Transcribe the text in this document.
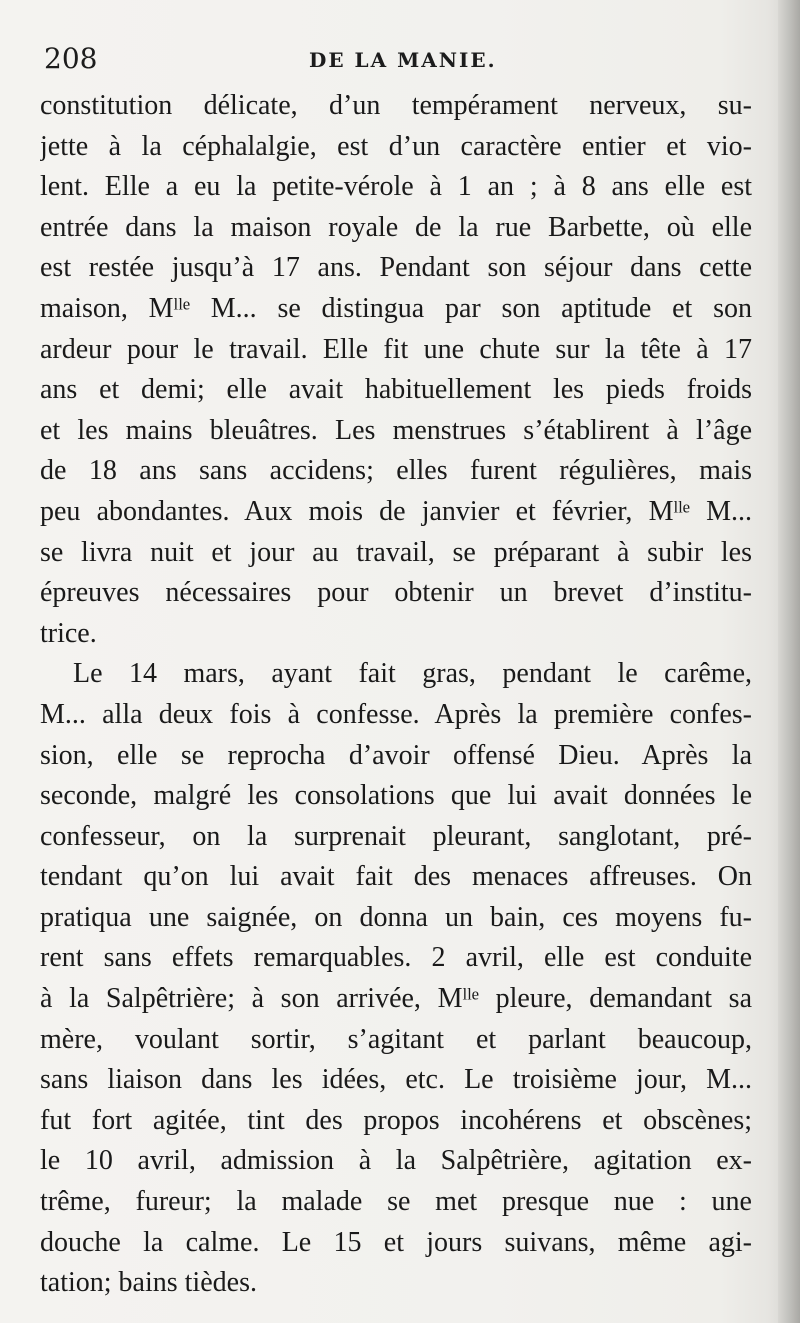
208	DE LA MANIE.
constitution délicate, d’un tempérament nerveux, su-
jette à la céphalalgie, est d’un caractère entier et vio-
lent. Elle a eu la petite-vérole à 1 an ; à 8 ans elle est
entrée dans la maison royale de la rue Barbette, où elle
est restée jusqu’à 17 ans. Pendant son séjour dans cette
maison, Mˡˡᵉ M... se distingua par son aptitude et son
ardeur pour le travail. Elle fit une chute sur la tête à 17
ans et demi; elle avait habituellement les pieds froids
et les mains bleuâtres. Les menstrues s’établirent à l’âge
de 18 ans sans accidens; elles furent régulières, mais
peu abondantes. Aux mois de janvier et février, Mˡˡᵉ M...
se livra nuit et jour au travail, se préparant à subir les
épreuves nécessaires pour obtenir un brevet d’institu-
trice.
Le 14 mars, ayant fait gras, pendant le carême,
M... alla deux fois à confesse. Après la première confes-
sion, elle se reprocha d’avoir offensé Dieu. Après la
seconde, malgré les consolations que lui avait données le
confesseur, on la surprenait pleurant, sanglotant, pré-
tendant qu’on lui avait fait des menaces affreuses. On
pratiqua une saignée, on donna un bain, ces moyens fu-
rent sans effets remarquables. 2 avril, elle est conduite
à la Salpêtrière; à son arrivée, Mˡˡᵉ pleure, demandant sa
mère, voulant sortir, s’agitant et parlant beaucoup,
sans liaison dans les idées, etc. Le troisième jour, M...
fut fort agitée, tint des propos incohérens et obscènes;
le 10 avril, admission à la Salpêtrière, agitation ex-
trême, fureur; la malade se met presque nue : une
douche la calme. Le 15 et jours suivans, même agi-
tation; bains tièdes.
